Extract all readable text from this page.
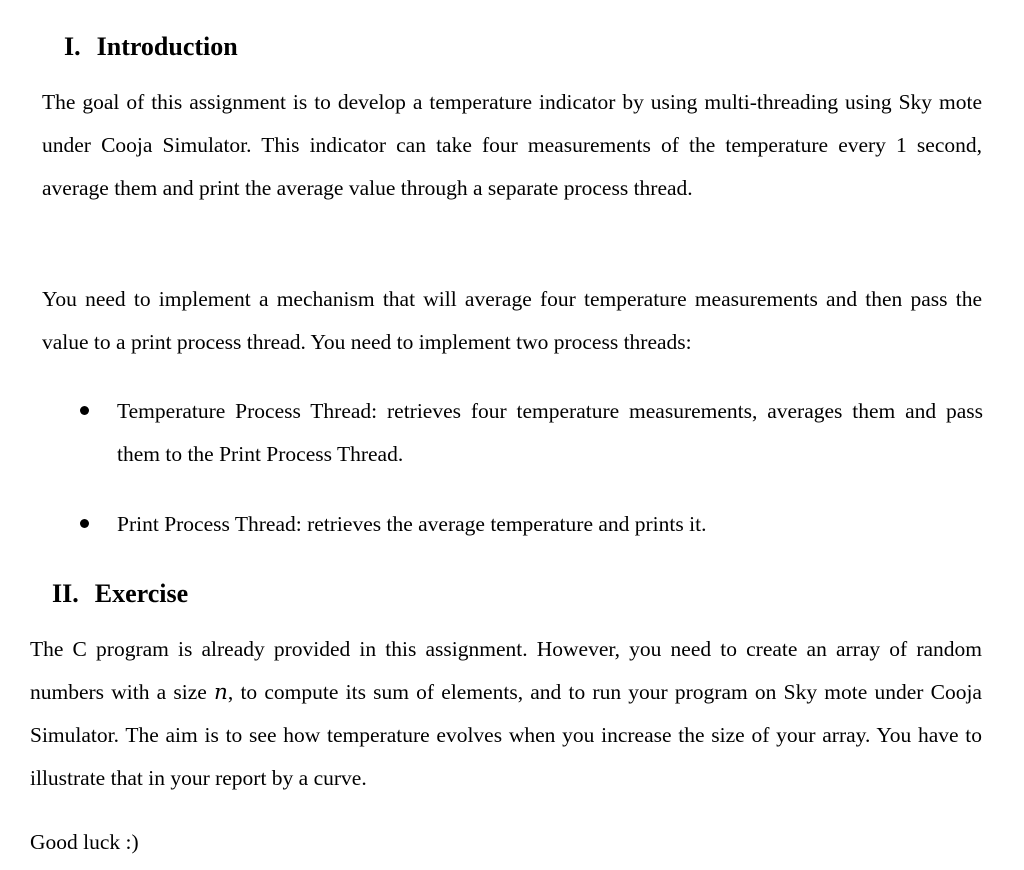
I. Introduction

The goal of this assignment is to develop a temperature indicator by using multi-threading using Sky mote under Cooja Simulator. This indicator can take four measurements of the temperature every 1 second, average them and print the average value through a separate process thread.

You need to implement a mechanism that will average four temperature measurements and then pass the value to a print process thread. You need to implement two process threads:

Temperature Process Thread: retrieves four temperature measurements, averages them and pass them to the Print Process Thread.

Print Process Thread: retrieves the average temperature and prints it.

II. Exercise

The C program is already provided in this assignment. However, you need to create an array of random numbers with a size n, to compute its sum of elements, and to run your program on Sky mote under Cooja Simulator. The aim is to see how temperature evolves when you increase the size of your array. You have to illustrate that in your report by a curve.

Good luck :)
